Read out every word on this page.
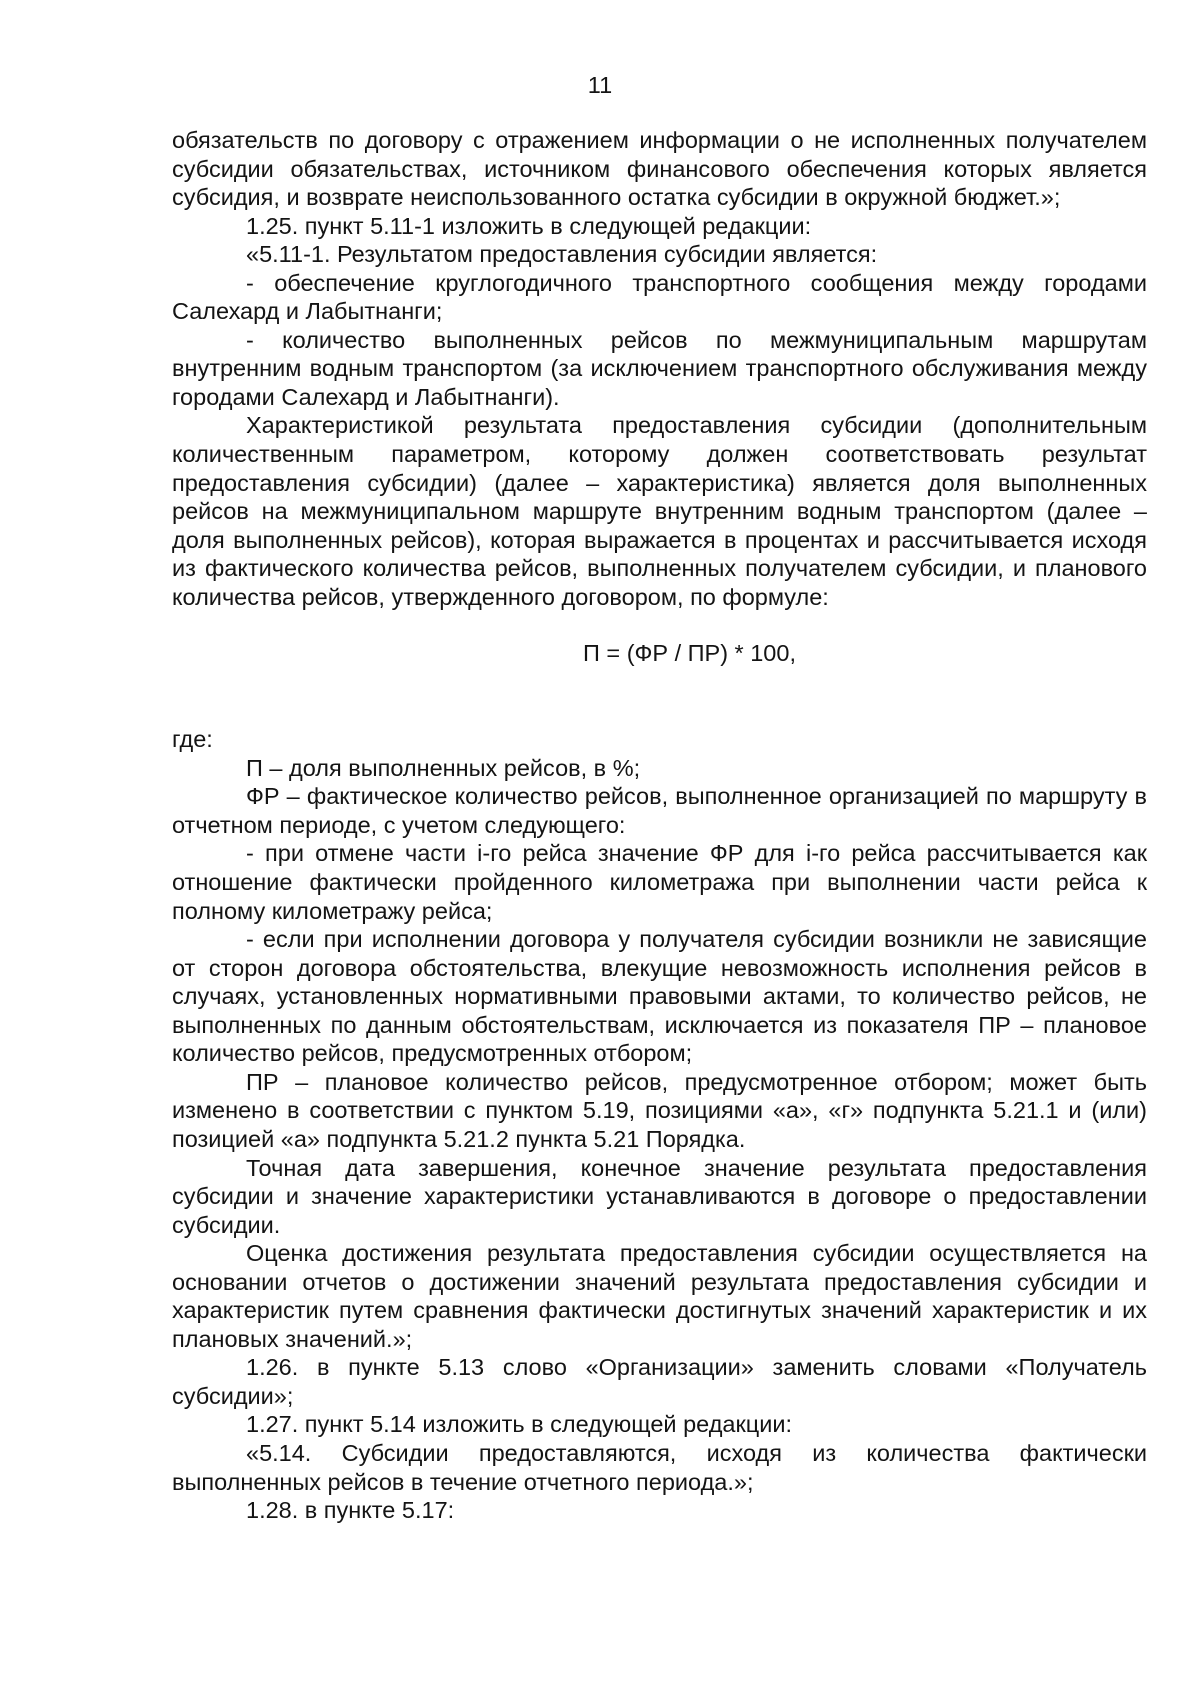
11

обязательств по договору с отражением информации о не исполненных получателем субсидии обязательствах, источником финансового обеспечения которых является субсидия, и возврате неиспользованного остатка субсидии в окружной бюджет.»;

1.25. пункт 5.11-1 изложить в следующей редакции:

«5.11-1. Результатом предоставления субсидии является:

- обеспечение круглогодичного транспортного сообщения между городами Салехард и Лабытнанги;

- количество выполненных рейсов по межмуниципальным маршрутам внутренним водным транспортом (за исключением транспортного обслуживания между городами Салехард и Лабытнанги).

Характеристикой результата предоставления субсидии (дополнительным количественным параметром, которому должен соответствовать результат предоставления субсидии) (далее – характеристика) является доля выполненных рейсов на межмуниципальном маршруте внутренним водным транспортом (далее – доля выполненных рейсов), которая выражается в процентах и рассчитывается исходя из фактического количества рейсов, выполненных получателем субсидии, и планового количества рейсов, утвержденного договором, по формуле:

П = (ФР / ПР) * 100,

где:

П – доля выполненных рейсов, в %;

ФР – фактическое количество рейсов, выполненное организацией по маршруту в отчетном периоде, с учетом следующего:

- при отмене части i-го рейса значение ФР для i-го рейса рассчитывается как отношение фактически пройденного километража при выполнении части рейса к полному километражу рейса;

- если при исполнении договора у получателя субсидии возникли не зависящие от сторон договора обстоятельства, влекущие невозможность исполнения рейсов в случаях, установленных нормативными правовыми актами, то количество рейсов, не выполненных по данным обстоятельствам, исключается из показателя ПР – плановое количество рейсов, предусмотренных отбором;

ПР – плановое количество рейсов, предусмотренное отбором; может быть изменено в соответствии с пунктом 5.19, позициями «а», «г» подпункта 5.21.1 и (или) позицией «а» подпункта 5.21.2 пункта 5.21 Порядка.

Точная дата завершения, конечное значение результата предоставления субсидии и значение характеристики устанавливаются в договоре о предоставлении субсидии.

Оценка достижения результата предоставления субсидии осуществляется на основании отчетов о достижении значений результата предоставления субсидии и характеристик путем сравнения фактически достигнутых значений характеристик и их плановых значений.»;

1.26. в пункте 5.13 слово «Организации» заменить словами «Получатель субсидии»;

1.27. пункт 5.14 изложить в следующей редакции:

«5.14. Субсидии предоставляются, исходя из количества фактически выполненных рейсов в течение отчетного периода.»;

1.28. в пункте 5.17:
